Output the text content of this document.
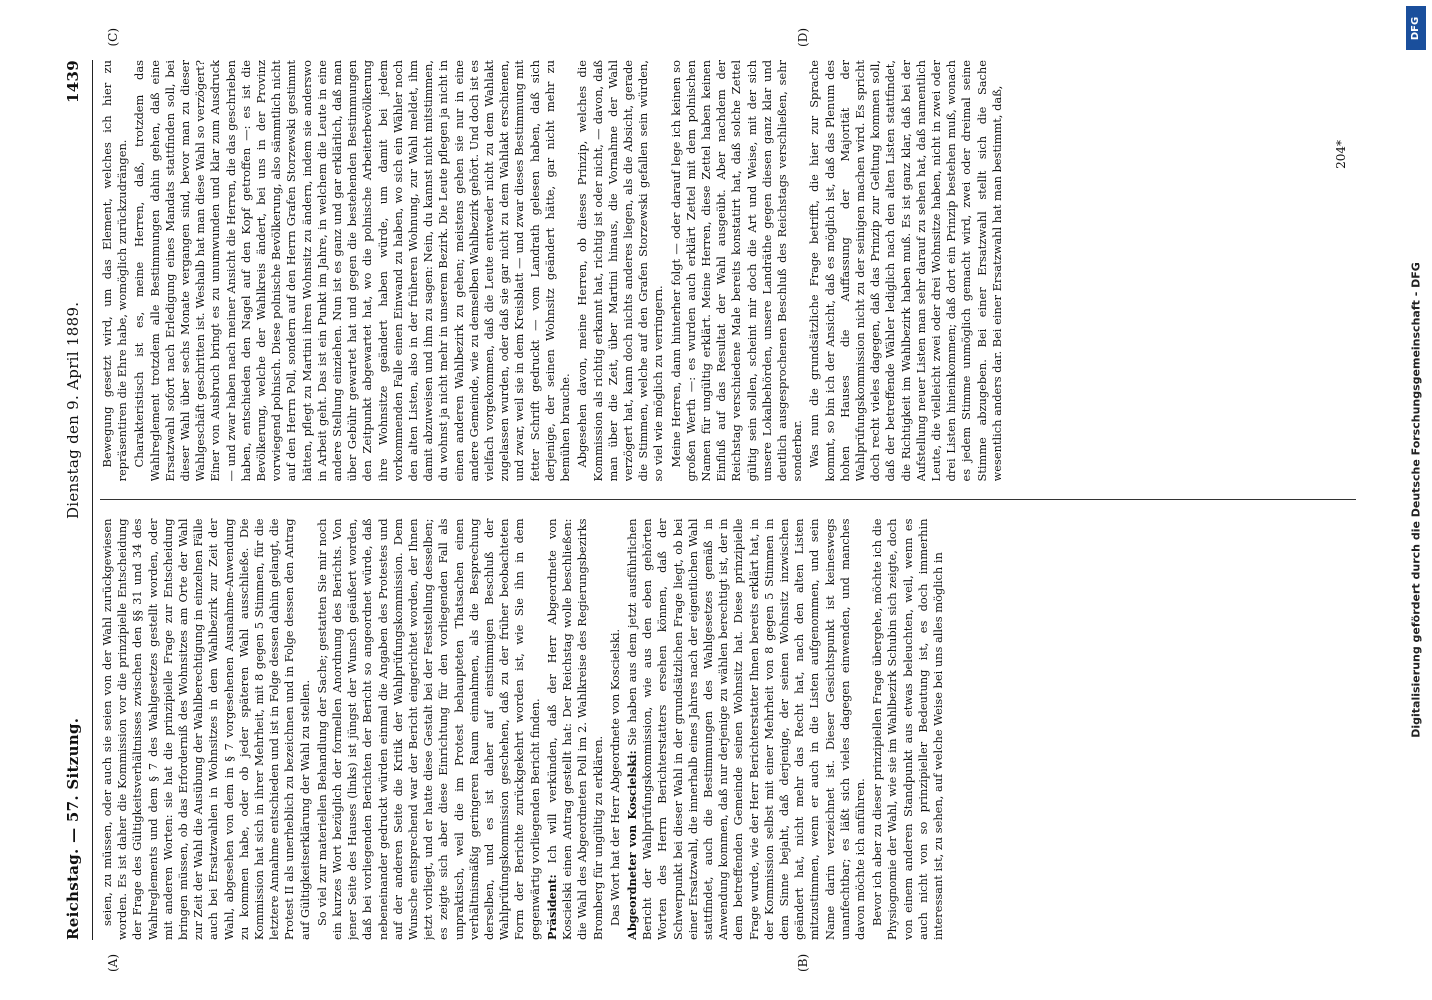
Reichstag. — 57. Sitzung.
Dienstag den 9. April 1889.
1439
(A)	(B)
(C)	(D)

seien, zu müssen, oder auch sie seien von der Wahl zurückgewiesen worden. Es ist daher die Kommission vor die prinzipielle Entscheidung der Frage des Gültigkeitsverhältnisses zwischen den §§ 31 und 34 des Wahlreglements und dem § 7 des Wahlgesetzes gestellt worden, oder mit anderen Worten: sie hat die prinzipielle Frage zur Entscheidung bringen müssen, ob das Erforderniß des Wohnsitzes am Orte der Wahl zur Zeit der Wahl die Ausübung der Wahlberechtigung in einzelnen Fälle auch bei Ersatzwahlen in Wohnsitzes in dem Wahlbezirk zur Zeit der Wahl, abgesehen von dem in § 7 vorgesehenen Ausnahme-Anwendung zu kommen habe, oder ob jeder späteren Wahl ausschließe. Die Kommission hat sich in ihrer Mehrheit, mit 8 gegen 5 Stimmen, für die letztere Annahme entschieden und ist in Folge dessen dahin gelangt, die Protest II als unerheblich zu bezeichnen und in Folge dessen den Antrag auf Gültigkeitserklärung der Wahl zu stellen. So viel zur materiellen Behandlung der Sache; gestatten Sie mir noch ein kurzes Wort bezüglich der formellen Anordnung des Berichts. Von jener Seite des Hauses (links) ist jüngst der Wunsch geäußert worden, daß bei vorliegenden Berichten der Bericht so angeordnet würde, daß nebeneinander gedruckt würden einmal die Angaben des Protestes und auf der anderen Seite die Kritik der Wahlprüfungskommission. Dem Wunsche entsprechend war der Bericht eingerichtet worden, der Ihnen jetzt vorliegt, und er hatte diese Gestalt bei der Feststellung desselben; es zeigte sich aber diese Einrichtung für den vorliegenden Fall als unpraktisch, weil die im Protest behaupteten Thatsachen einen verhältnismäßig geringeren Raum einnahmen, als die Besprechung derselben, und es ist daher auf einstimmigen Beschluß der Wahlprüfungskommission geschehen, daß zu der früher beobachteten Form der Berichte zurückgekehrt worden ist, wie Sie ihn in dem gegenwärtig vorliegenden Bericht finden. Präsident: Ich will verkünden, daß der Herr Abgeordnete von Koscielski einen Antrag gestellt hat: Der Reichstag wolle beschließen: die Wahl des Abgeordneten Poll im 2. Wahlkreise des Regierungsbezirks Bromberg für ungültig zu erklären. Das Wort hat der Herr Abgeordnete von Koscielski. Abgeordneter von Koscielski: Sie haben aus dem jetzt ausführlichen Bericht der Wahlprüfungskommission, wie aus den eben gehörten Worten des Herrn Berichterstatters ersehen können, daß der Schwerpunkt bei dieser Wahl in der grundsätzlichen Frage liegt, ob bei einer Ersatzwahl, die innerhalb eines Jahres nach der eigentlichen Wahl stattfindet, auch die Bestimmungen des Wahlgesetzes gemäß in Anwendung kommen, daß nur derjenige zu wählen berechtigt ist, der in dem betreffenden Gemeinde seinen Wohnsitz hat. Diese prinzipielle Frage wurde, wie der Herr Berichterstatter Ihnen bereits erklärt hat, in der Kommission selbst mit einer Mehrheit von 8 gegen 5 Stimmen in dem Sinne bejaht, daß derjenige, der seinen Wohnsitz inzwischen geändert hat, nicht mehr das Recht hat, nach den alten Listen mitzustimmen, wenn er auch in die Listen aufgenommen, und sein Name darin verzeichnet ist. Dieser Gesichtspunkt ist keineswegs unanfechtbar; es läßt sich vieles dagegen einwenden, und manches davon möchte ich anführen. Bevor ich aber zu dieser prinzipiellen Frage übergehe, möchte ich die Physiognomie der Wahl, wie sie im Wahlbezirk Schubin sich zeigte, doch von einem anderen Standpunkt aus etwas beleuchten, weil, wenn es auch nicht von so prinzipieller Bedeutung ist, es doch immerhin interessant ist, zu sehen, auf welche Weise bei uns alles möglich in

Bewegung gesetzt wird, um das Element, welches ich hier zu repräsentiren die Ehre habe, womöglich zurückzudrängen. Charakteristisch ist es, meine Herren, daß, trotzdem das Wahlreglement trotzdem alle Bestimmungen dahin gehen, daß eine Ersatzwahl sofort nach Erledigung eines Mandats stattfinden soll, bei dieser Wahl über sechs Monate vergangen sind, bevor man zu dieser Wahlgeschäft geschritten ist. Weshalb hat man diese Wahl so verzögert? Einer von Ausbruch bringt es zu unumwunden und klar zum Ausdruck — und zwar haben nach meiner Ansicht die Herren, die das geschrieben haben, entschieden den Nagel auf den Kopf getroffen —: es ist die Bevölkerung, welche der Wahlkreis ändert, bei uns in der Provinz vorwiegend polnisch. Diese polnische Bevölkerung, also sämmtlich nicht auf den Herrn Poll, sondern auf den Herrn Grafen Storzewski gestimmt hätten, pflegt zu Martini ihren Wohnsitz zu ändern, indem sie anderswo in Arbeit geht. Das ist ein Punkt im Jahre, in welchem die Leute in eine andere Stellung einziehen. Nun ist es ganz und gar erklärlich, daß man über Gebühr gewartet hat und gegen die bestehenden Bestimmungen den Zeitpunkt abgewartet hat, wo die polnische Arbeiterbevölkerung ihre Wohnsitze geändert haben würde, um damit bei jedem vorkommenden Falle einen Einwand zu haben, wo sich ein Wähler noch den alten Listen, also in der früheren Wohnung, zur Wahl meldet, ihm damit abzuweisen und ihm zu sagen: Nein, du kannst nicht mitstimmen, du wohnst ja nicht mehr in unserem Bezirk. Die Leute pflegen ja nicht in einen anderen Wahlbezirk zu gehen; meistens gehen sie nur in eine andere Gemeinde, wie zu demselben Wahlbezirk gehört. Und doch ist es vielfach vorgekommen, daß die Leute entweder nicht zu dem Wahlakt zugelassen wurden, oder daß sie gar nicht zu dem Wahlakt erschienen, und zwar, weil sie in dem Kreisblatt — und zwar dieses Bestimmung mit fetter Schrift gedruckt — vom Landrath gelesen haben, daß sich derjenige, der seinen Wohnsitz geändert hätte, gar nicht mehr zu bemühen brauche. Abgesehen davon, meine Herren, ob dieses Prinzip, welches die Kommission als richtig erkannt hat, richtig ist oder nicht, — davon, daß man über die Zeit, über Martini hinaus, die Vornahme der Wahl verzögert hat, kann doch nichts anderes liegen, als die Absicht, gerade die Stimmen, welche auf den Grafen Storzewski gefallen sein würden, so viel wie möglich zu verringern. Meine Herren, dann hinterher folgt — oder darauf lege ich keinen so großen Werth —: es wurden auch erklärt Zettel mit dem polnischen Namen für ungültig erklärt. Meine Herren, diese Zettel haben keinen Einfluß auf das Resultat der Wahl ausgeübt. Aber nachdem der Reichstag verschiedene Male bereits konstatirt hat, daß solche Zettel gültig sein sollen, scheint mir doch die Art und Weise, mit der sich unsere Lokalbehörden, unsere Landräthe gegen diesen ganz klar und deutlich ausgesprochenen Beschluß des Reichstags verschließen, sehr sonderbar. Was nun die grundsätzliche Frage betrifft, die hier zur Sprache kommt, so bin ich der Ansicht, daß es möglich ist, daß das Plenum des hohen Hauses die Auffassung der Majorität der Wahlprüfungskommission nicht zu der seinigen machen wird. Es spricht doch recht vieles dagegen, daß das Prinzip zur Geltung kommen soll, daß der betreffende Wähler lediglich nach den alten Listen stattfindet, die Richtigkeit im Wahlbezirk haben muß. Es ist ganz klar, daß bei der Aufstellung neuer Listen man sehr darauf zu sehen hat, daß namentlich Leute, die vielleicht zwei oder drei Wohnsitze haben, nicht in zwei oder drei Listen hineinkommen; daß dort ein Prinzip bestehen muß, wonach es jedem Stimme unmöglich gemacht wird, zwei oder dreimal seine Stimme abzugeben. Bei einer Ersatzwahl stellt sich die Sache wesentlich anders dar. Bei einer Ersatzwahl hat man bestimmt, daß,	204*
DFG
Digitalisierung gefördert durch die Deutsche Forschungsgemeinschaft - DFG
